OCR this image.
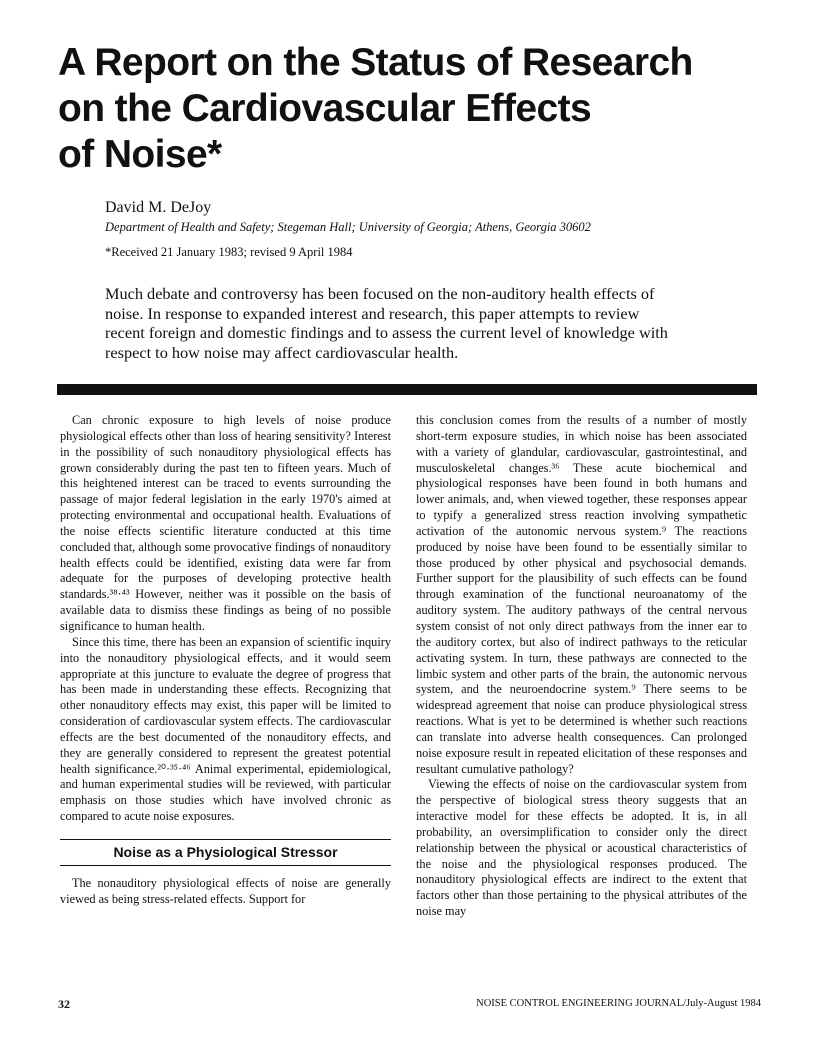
A Report on the Status of Research
on the Cardiovascular Effects
of Noise*
David M. DeJoy
Department of Health and Safety; Stegeman Hall; University of Georgia; Athens, Georgia 30602
*Received 21 January 1983; revised 9 April 1984

Much debate and controversy has been focused on the non-auditory health effects of noise. In response to expanded interest and research, this paper attempts to review recent foreign and domestic findings and to assess the current level of knowledge with respect to how noise may affect cardiovascular health.

Can chronic exposure to high levels of noise produce physiological effects other than loss of hearing sensitivity? Interest in the possibility of such nonauditory physiological effects has grown considerably during the past ten to fifteen years. Much of this heightened interest can be traced to events surrounding the passage of major federal legislation in the early 1970's aimed at protecting environmental and occupational health. Evaluations of the noise effects scientific literature conducted at this time concluded that, although some provocative findings of nonauditory health effects could be identified, existing data were far from adequate for the purposes of developing protective health standards.³⁸·⁴³ However, neither was it possible on the basis of available data to dismiss these findings as being of no possible significance to human health.

Since this time, there has been an expansion of scientific inquiry into the nonauditory physiological effects, and it would seem appropriate at this juncture to evaluate the degree of progress that has been made in understanding these effects. Recognizing that other nonauditory effects may exist, this paper will be limited to consideration of cardiovascular system effects. The cardiovascular effects are the best documented of the nonauditory effects, and they are generally considered to represent the greatest potential health significance.²⁰·³⁵·⁴⁶ Animal experimental, epidemiological, and human experimental studies will be reviewed, with particular emphasis on those studies which have involved chronic as compared to acute noise exposures.

Noise as a Physiological Stressor

The nonauditory physiological effects of noise are generally viewed as being stress-related effects. Support for

this conclusion comes from the results of a number of mostly short-term exposure studies, in which noise has been associated with a variety of glandular, cardiovascular, gastrointestinal, and musculoskeletal changes.³⁶ These acute biochemical and physiological responses have been found in both humans and lower animals, and, when viewed together, these responses appear to typify a generalized stress reaction involving sympathetic activation of the autonomic nervous system.⁹ The reactions produced by noise have been found to be essentially similar to those produced by other physical and psychosocial demands. Further support for the plausibility of such effects can be found through examination of the functional neuroanatomy of the auditory system. The auditory pathways of the central nervous system consist of not only direct pathways from the inner ear to the auditory cortex, but also of indirect pathways to the reticular activating system. In turn, these pathways are connected to the limbic system and other parts of the brain, the autonomic nervous system, and the neuroendocrine system.⁹ There seems to be widespread agreement that noise can produce physiological stress reactions. What is yet to be determined is whether such reactions can translate into adverse health consequences. Can prolonged noise exposure result in repeated elicitation of these responses and resultant cumulative pathology?

Viewing the effects of noise on the cardiovascular system from the perspective of biological stress theory suggests that an interactive model for these effects be adopted. It is, in all probability, an oversimplification to consider only the direct relationship between the physical or acoustical characteristics of the noise and the physiological responses produced. The nonauditory physiological effects are indirect to the extent that factors other than those pertaining to the physical attributes of the noise may

32	NOISE CONTROL ENGINEERING JOURNAL/July-August 1984
